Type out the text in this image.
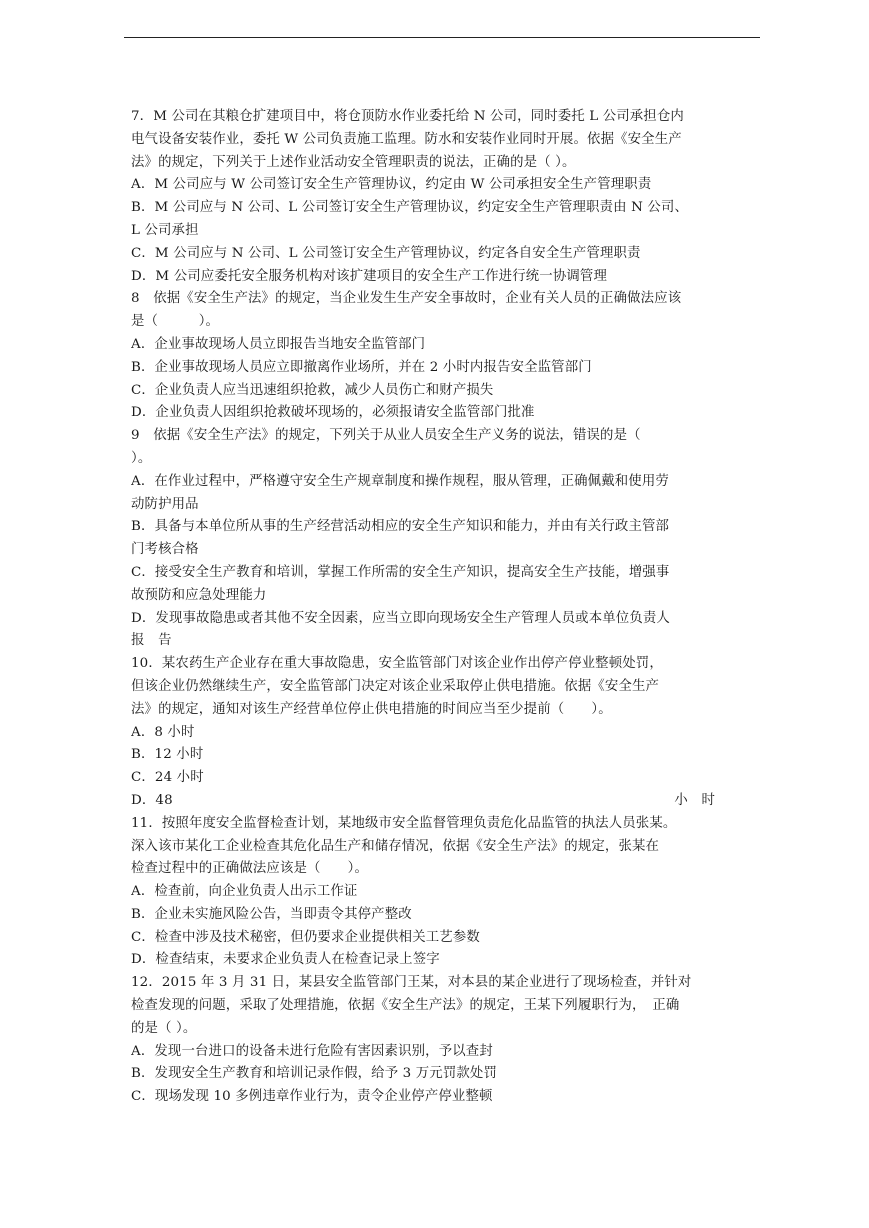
7．M 公司在其粮仓扩建项目中，将仓顶防水作业委托给 N 公司，同时委托 L 公司承担仓内
电气设备安装作业，委托 W 公司负责施工监理。防水和安装作业同时开展。依据《安全生产
法》的规定，下列关于上述作业活动安全管理职责的说法，正确的是（ ）。
A．M 公司应与 W 公司签订安全生产管理协议，约定由 W 公司承担安全生产管理职责
B．M 公司应与 N 公司、L 公司签订安全生产管理协议，约定安全生产管理职责由 N 公司、
L 公司承担
C．M 公司应与 N 公司、L 公司签订安全生产管理协议，约定各自安全生产管理职责
D．M 公司应委托安全服务机构对该扩建项目的安全生产工作进行统一协调管理
8　依据《安全生产法》的规定，当企业发生生产安全事故时，企业有关人员的正确做法应该
是（　　　）。
A．企业事故现场人员立即报告当地安全监管部门
B．企业事故现场人员应立即撤离作业场所，并在 2 小时内报告安全监管部门
C．企业负责人应当迅速组织抢救，减少人员伤亡和财产损失
D．企业负责人因组织抢救破坏现场的，必须报请安全监管部门批准
9　依据《安全生产法》的规定，下列关于从业人员安全生产义务的说法，错误的是（
）。
A．在作业过程中，严格遵守安全生产规章制度和操作规程，服从管理，正确佩戴和使用劳
动防护用品
B．具备与本单位所从事的生产经营活动相应的安全生产知识和能力，并由有关行政主管部
门考核合格
C．接受安全生产教育和培训，掌握工作所需的安全生产知识，提高安全生产技能，增强事
故预防和应急处理能力
D．发现事故隐患或者其他不安全因素，应当立即向现场安全生产管理人员或本单位负责人
报　告
10．某农药生产企业存在重大事故隐患，安全监管部门对该企业作出停产停业整顿处罚，
但该企业仍然继续生产，安全监管部门决定对该企业采取停止供电措施。依据《安全生产
法》的规定，通知对该生产经营单位停止供电措施的时间应当至少提前（　　）。
A．8 小时
B．12 小时
C．24 小时
D．48	小　时
11．按照年度安全监督检查计划，某地级市安全监督管理负责危化品监管的执法人员张某。
深入该市某化工企业检查其危化品生产和储存情况，依据《安全生产法》的规定，张某在
检查过程中的正确做法应该是（　　）。
A．检查前，向企业负责人出示工作证
B．企业未实施风险公告，当即责令其停产整改
C．检查中涉及技术秘密，但仍要求企业提供相关工艺参数
D．检查结束，未要求企业负责人在检查记录上签字
12．2015 年 3 月 31 日，某县安全监管部门王某，对本县的某企业进行了现场检查，并针对
检查发现的问题，采取了处理措施，依据《安全生产法》的规定，王某下列履职行为，　正确
的是（ ）。
A．发现一台进口的设备未进行危险有害因素识别，予以查封
B．发现安全生产教育和培训记录作假，给予 3 万元罚款处罚
C．现场发现 10 多例违章作业行为，责令企业停产停业整顿
